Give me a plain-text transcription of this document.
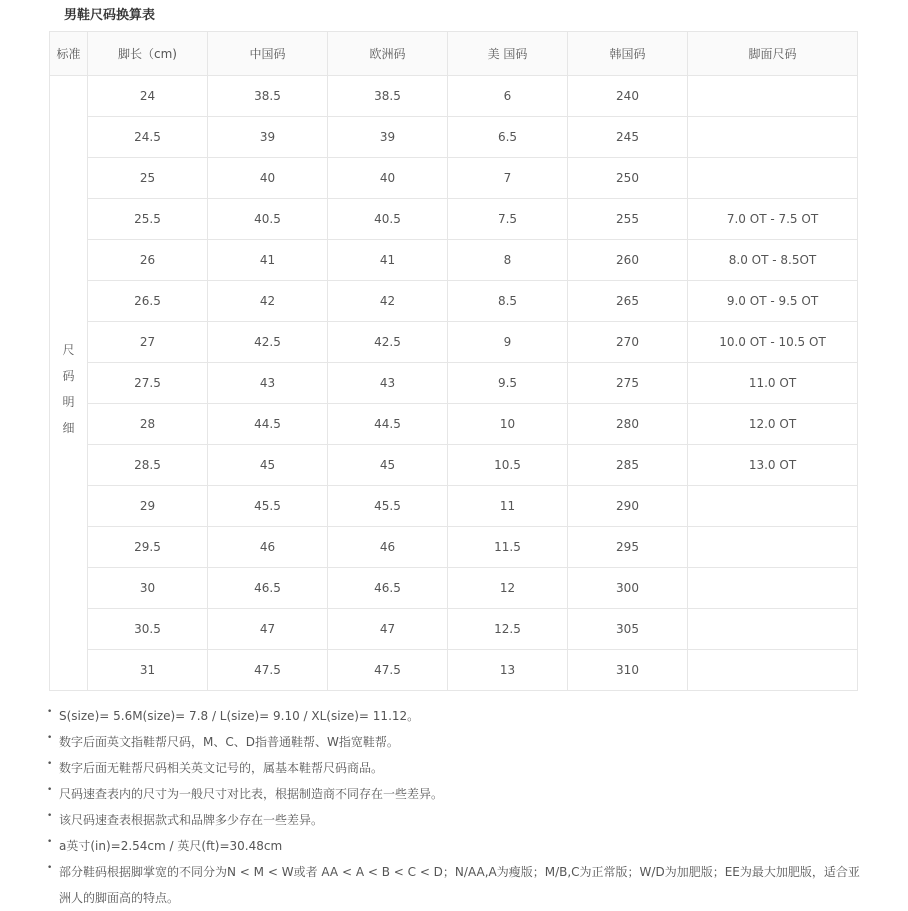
男鞋尺码换算表
标准	脚长（cm)	中国码	欧洲码	美 国码	韩国码	脚面尺码
尺码明细	24	38.5	38.5	6	240	
	24.5	39	39	6.5	245	
	25	40	40	7	250	
	25.5	40.5	40.5	7.5	255	7.0 OT - 7.5 OT
	26	41	41	8	260	8.0 OT - 8.5OT
	26.5	42	42	8.5	265	9.0 OT - 9.5 OT
	27	42.5	42.5	9	270	10.0 OT - 10.5 OT
	27.5	43	43	9.5	275	11.0 OT
	28	44.5	44.5	10	280	12.0 OT
	28.5	45	45	10.5	285	13.0 OT
	29	45.5	45.5	11	290	
	29.5	46	46	11.5	295	
	30	46.5	46.5	12	300	
	30.5	47	47	12.5	305	
	31	47.5	47.5	13	310	
• S(size)= 5.6M(size)= 7.8 / L(size)= 9.10 / XL(size)= 11.12。
• 数字后面英文指鞋帮尺码，M、C、D指普通鞋帮、W指宽鞋帮。
• 数字后面无鞋帮尺码相关英文记号的，属基本鞋帮尺码商品。
• 尺码速查表内的尺寸为一般尺寸对比表，根据制造商不同存在一些差异。
• 该尺码速查表根据款式和品牌多少存在一些差异。
• a英寸(in)=2.54cm / 英尺(ft)=30.48cm
• 部分鞋码根据脚掌宽的不同分为N < M < W或者 AA < A < B < C < D；N/AA,A为瘦版；M/B,C为正常版；W/D为加肥版；EE为最大加肥版，适合亚洲人的脚面高的特点。
